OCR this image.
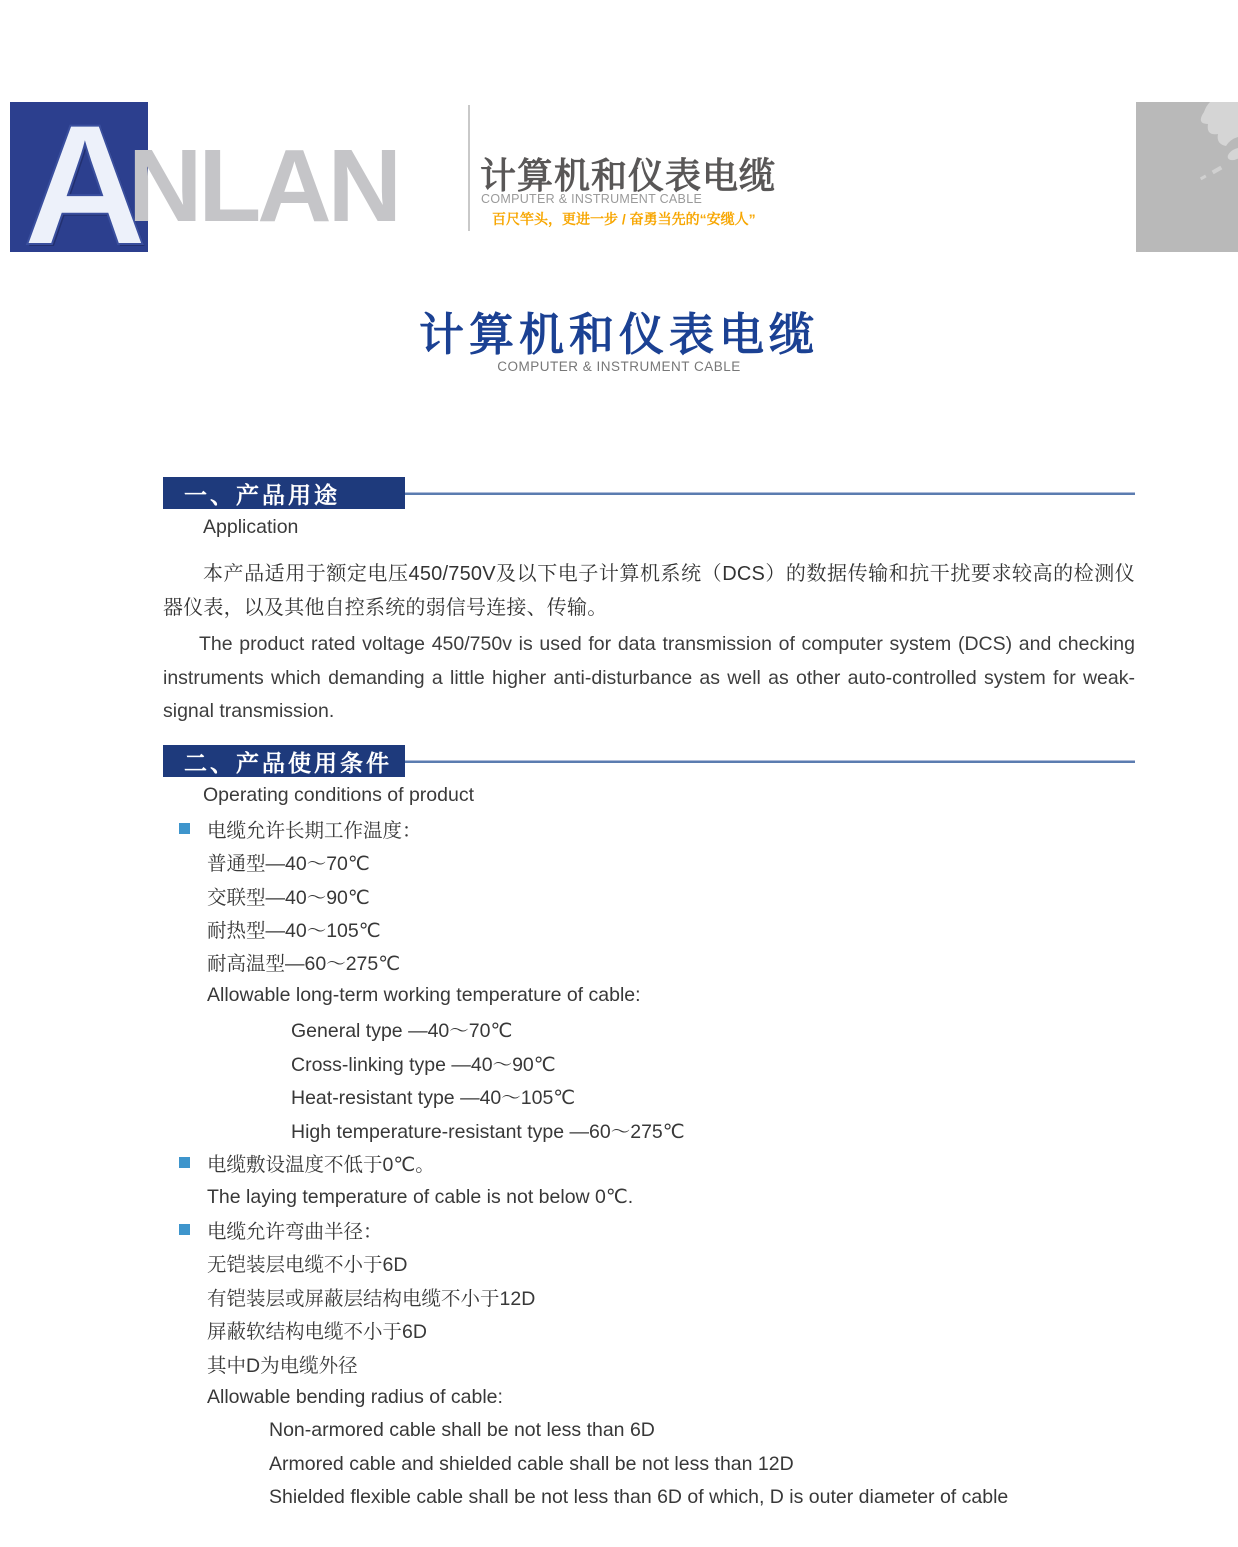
A
NLAN 计算机和仪表电缆
COMPUTER & INSTRUMENT CABLE
百尺竿头，更进一步 / 奋勇当先的“安缆人”
计算机和仪表电缆
COMPUTER & INSTRUMENT CABLE
一、产品用途
Application
本产品适用于额定电压450/750V及以下电子计算机系统（DCS）的数据传输和抗干扰要求较高的检测仪器仪表，以及其他自控系统的弱信号连接、传输。
The product rated voltage 450/750v is used for data transmission of computer system (DCS) and checking instruments which demanding a little higher anti-disturbance as well as other auto-controlled system for weak-signal transmission.
二、产品使用条件
Operating conditions of product
电缆允许长期工作温度：
普通型—40～70℃
交联型—40～90℃
耐热型—40～105℃
耐高温型—60～275℃
Allowable long-term working temperature of cable:
General type —40～70℃
Cross-linking type —40～90℃
Heat-resistant type —40～105℃
High temperature-resistant type —60～275℃
电缆敷设温度不低于0℃。
The laying temperature of cable is not below 0℃.
电缆允许弯曲半径：
无铠装层电缆不小于6D
有铠装层或屏蔽层结构电缆不小于12D
屏蔽软结构电缆不小于6D
其中D为电缆外径
Allowable bending radius of cable:
Non-armored cable shall be not less than 6D
Armored cable and shielded cable shall be not less than 12D
Shielded flexible cable shall be not less than 6D of which, D is outer diameter of cable
